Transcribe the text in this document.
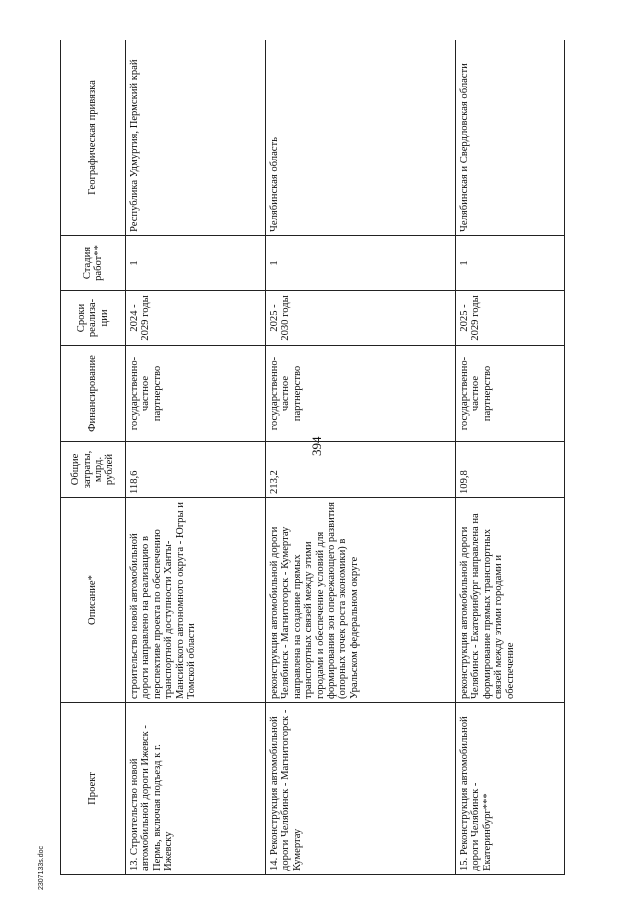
394
Проект	Описание*	Общие затраты, млрд. рублей	Финансирование	Сроки реализа-ции	Стадия работ**	Географическая привязка
13. Строительство новой автомобильной дороги Ижевск - Пермь, включая подъезд к г. Ижевску	строительство новой автомобильной дороги направлено на реализацию в перспективе проекта по обеспечению транспортной доступности Ханты-Мансийского автономного округа - Югры и Томской области	118,6	государственно-частное партнерство	2024 - 2029 годы	1	Республика Удмуртия, Пермский край
14. Реконструкция автомобильной дороги Челябинск - Магнитогорск - Кумертау	реконструкция автомобильной дороги Челябинск - Магнитогорск - Кумертау направлена на создание прямых транспортных связей между этими городами и обеспечение условий для формирования зон опережающего развития (опорных точек роста экономики) в Уральском федеральном округе	213,2	государственно-частное партнерство	2025 - 2030 годы	1	Челябинская область
15. Реконструкция автомобильной дороги Челябинск - Екатеринбург***	реконструкция автомобильной дороги Челябинск - Екатеринбург направлена на формирование прямых транспортных связей между этими городами и обеспечение	109,8	государственно-частное партнерство	2025 - 2029 годы	1	Челябинская и Свердловская области
2307133s.doc
